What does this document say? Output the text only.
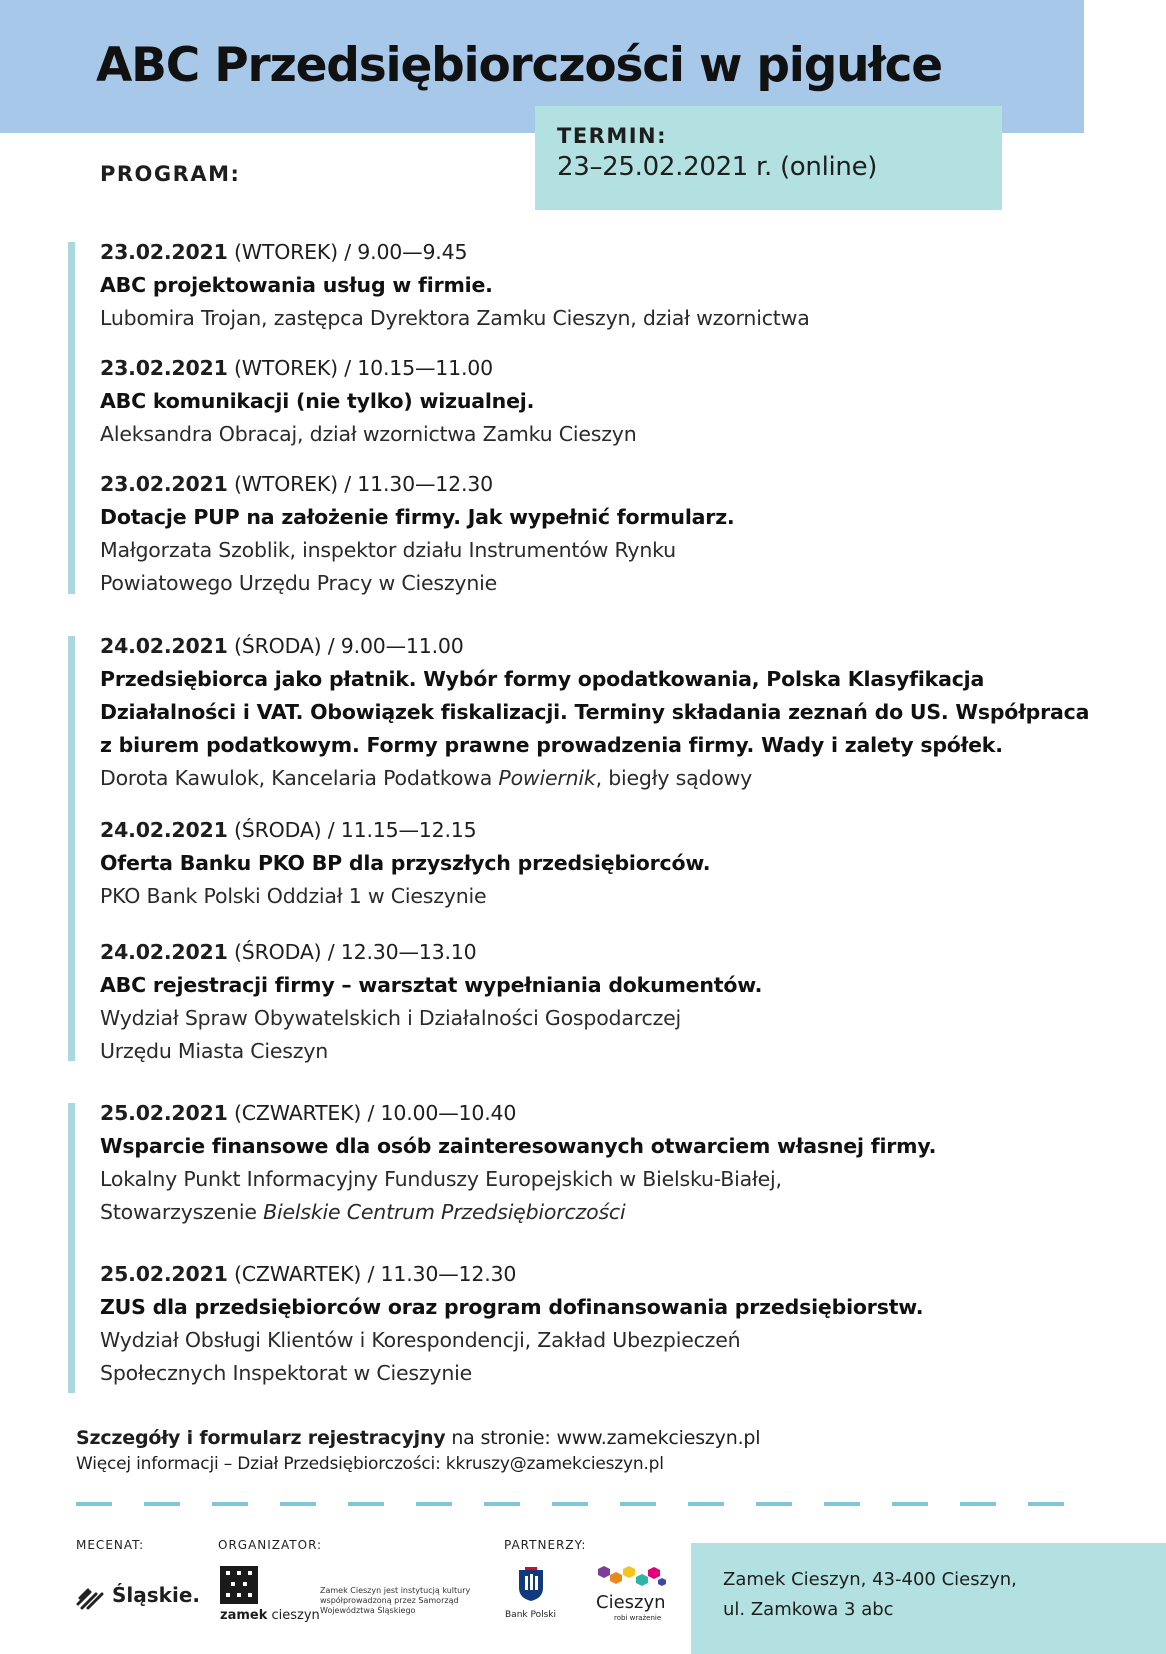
ABC Przedsiębiorczości w pigułce
TERMIN:
23–25.02.2021 r. (online)
PROGRAM:
23.02.2021 (WTOREK) / 9.00—9.45
ABC projektowania usług w firmie.
Lubomira Trojan, zastępca Dyrektora Zamku Cieszyn, dział wzornictwa
23.02.2021 (WTOREK) / 10.15—11.00
ABC komunikacji (nie tylko) wizualnej.
Aleksandra Obracaj, dział wzornictwa Zamku Cieszyn
23.02.2021 (WTOREK) / 11.30—12.30
Dotacje PUP na założenie firmy. Jak wypełnić formularz.
Małgorzata Szoblik, inspektor działu Instrumentów Rynku
Powiatowego Urzędu Pracy w Cieszynie
24.02.2021 (ŚRODA) / 9.00—11.00
Przedsiębiorca jako płatnik. Wybór formy opodatkowania, Polska Klasyfikacja
Działalności i VAT. Obowiązek fiskalizacji. Terminy składania zeznań do US. Współpraca
z biurem podatkowym. Formy prawne prowadzenia firmy. Wady i zalety spółek.
Dorota Kawulok, Kancelaria Podatkowa Powiernik, biegły sądowy
24.02.2021 (ŚRODA) / 11.15—12.15
Oferta Banku PKO BP dla przyszłych przedsiębiorców.
PKO Bank Polski Oddział 1 w Cieszynie
24.02.2021 (ŚRODA) / 12.30—13.10
ABC rejestracji firmy – warsztat wypełniania dokumentów.
Wydział Spraw Obywatelskich i Działalności Gospodarczej
Urzędu Miasta Cieszyn
25.02.2021 (CZWARTEK) / 10.00—10.40
Wsparcie finansowe dla osób zainteresowanych otwarciem własnej firmy.
Lokalny Punkt Informacyjny Funduszy Europejskich w Bielsku-Białej,
Stowarzyszenie Bielskie Centrum Przedsiębiorczości
25.02.2021 (CZWARTEK) / 11.30—12.30
ZUS dla przedsiębiorców oraz program dofinansowania przedsiębiorstw.
Wydział Obsługi Klientów i Korespondencji, Zakład Ubezpieczeń
Społecznych Inspektorat w Cieszynie
Szczegóły i formularz rejestracyjny na stronie: www.zamekcieszyn.pl
Więcej informacji – Dział Przedsiębiorczości: kkruszy@zamekcieszyn.pl
MECENAT:	ORGANIZATOR:	PARTNERZY:
Śląskie.
zamek cieszyn
Zamek Cieszyn jest instytucją kultury
współprowadzoną przez Samorząd
Województwa Śląskiego	Bank Polski
Cieszyn
robi wrażenie
Zamek Cieszyn, 43-400 Cieszyn,
ul. Zamkowa 3 abc
